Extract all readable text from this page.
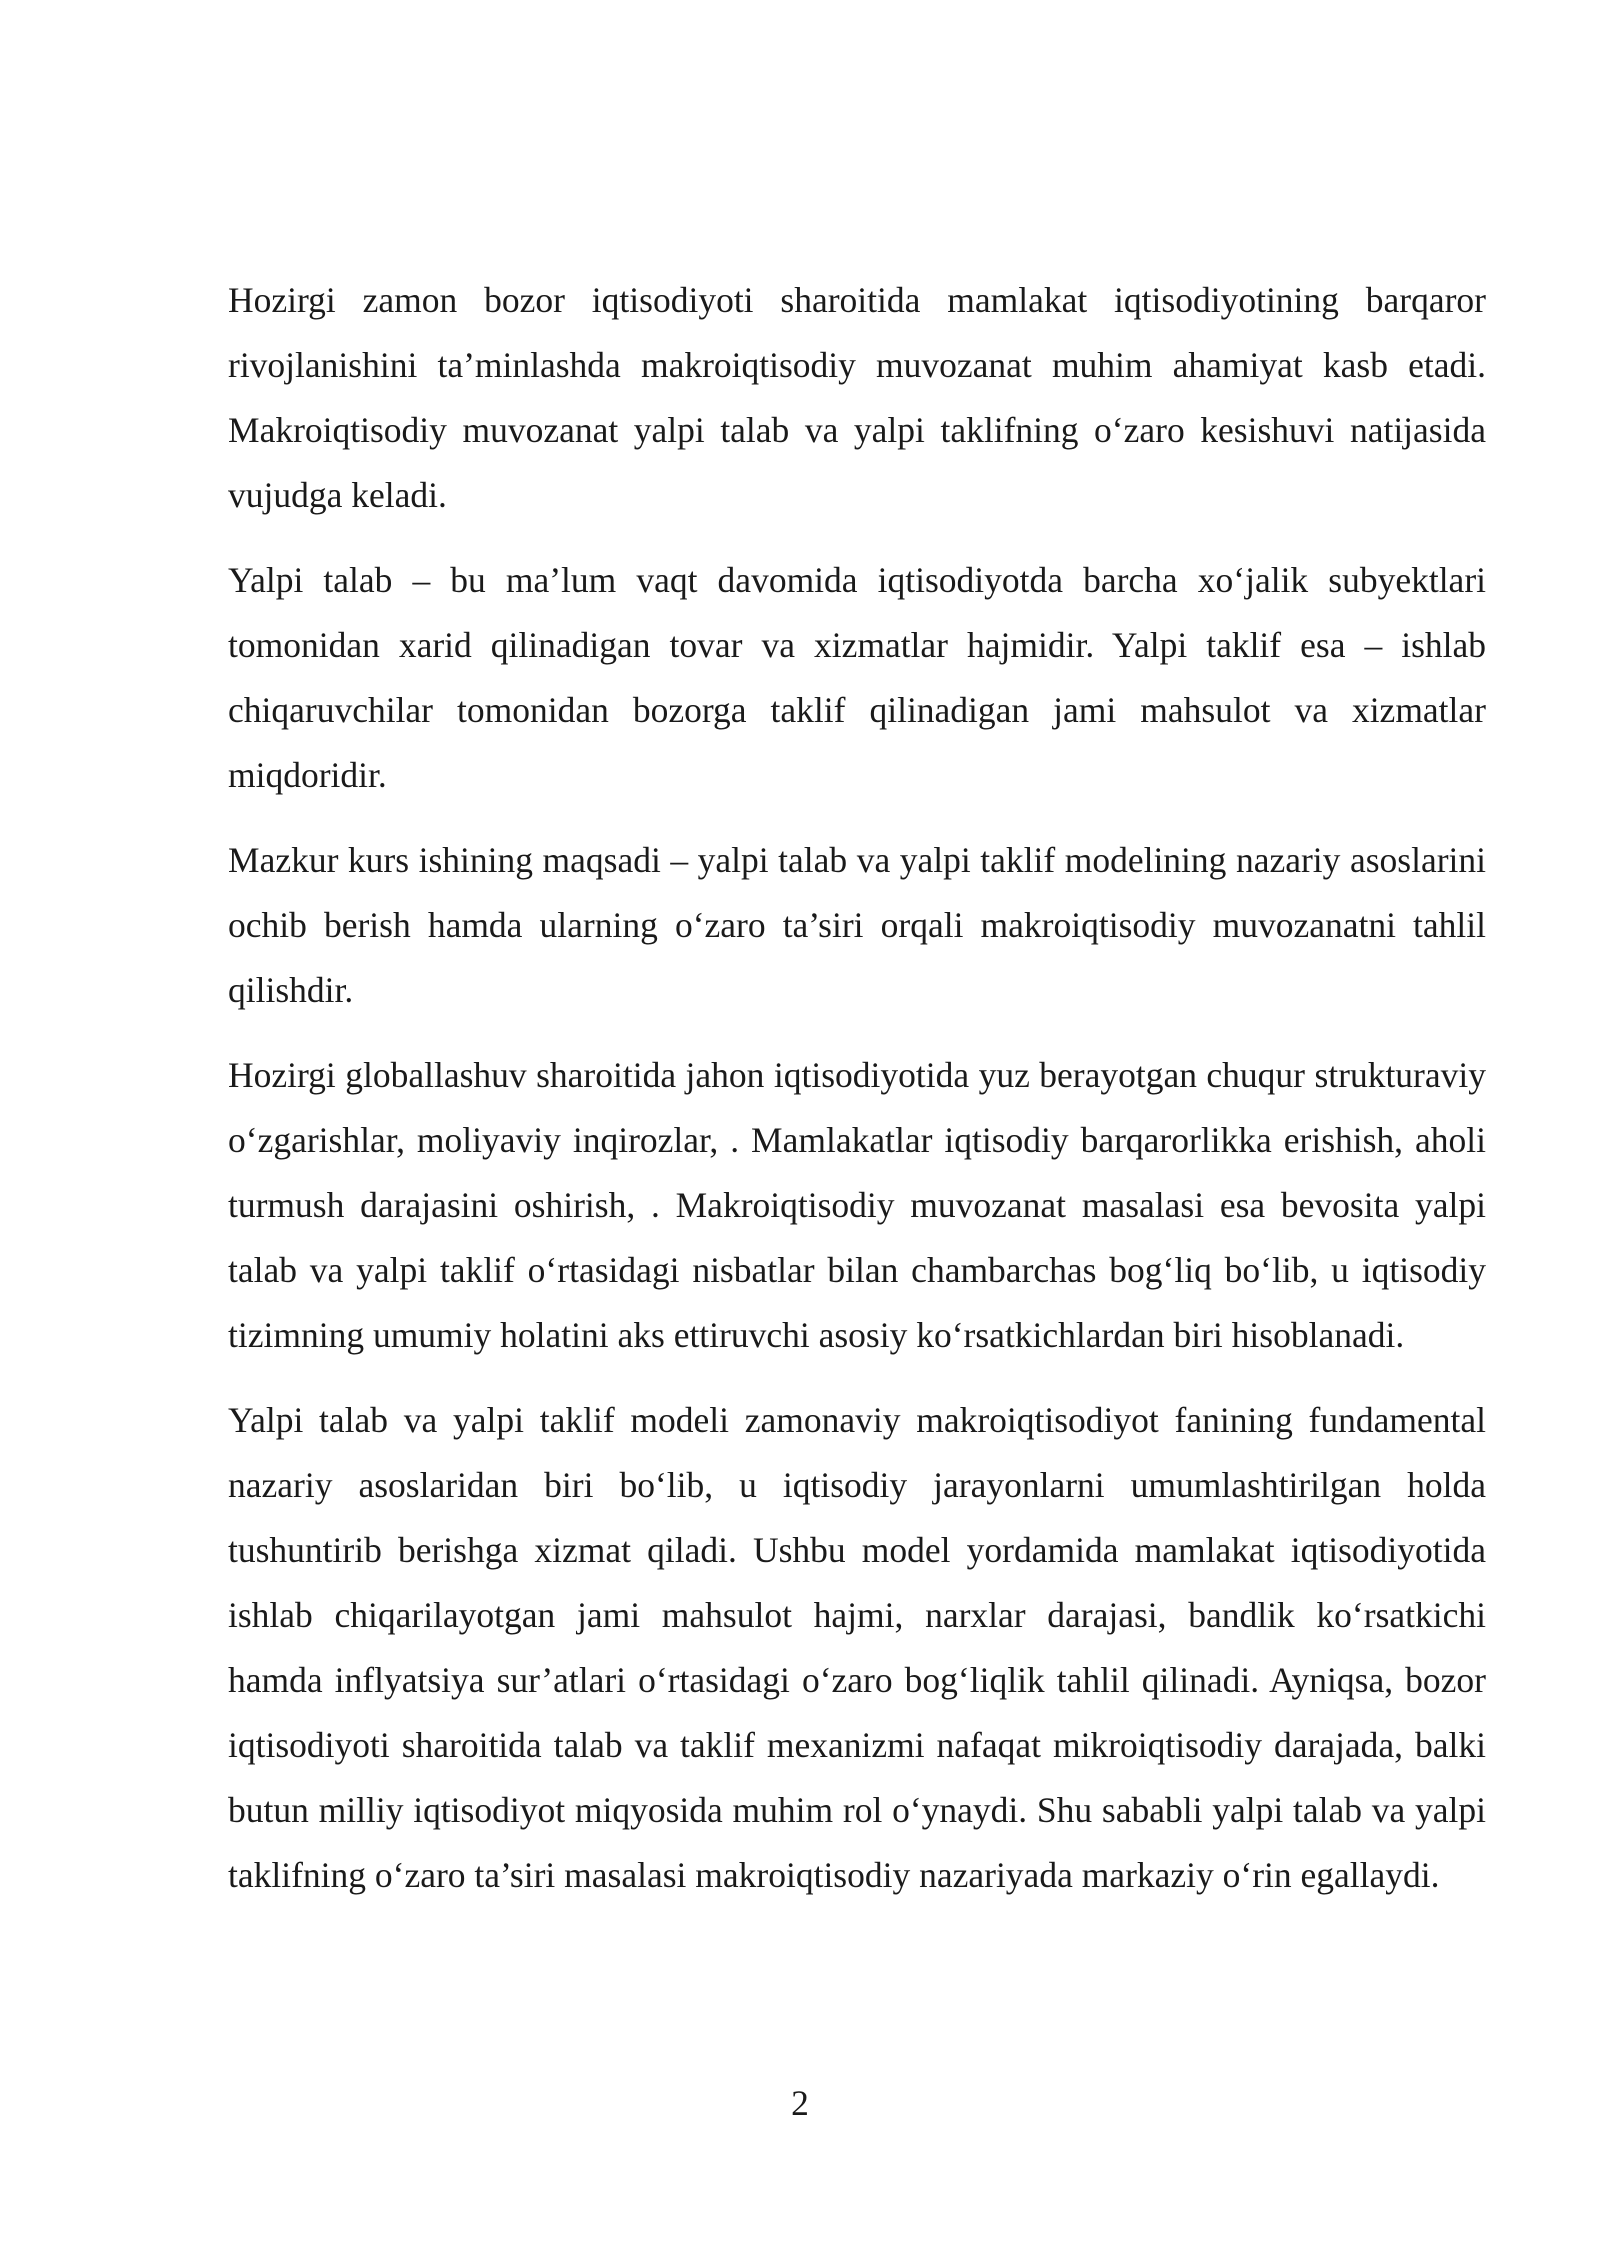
Hozirgi zamon bozor iqtisodiyoti sharoitida mamlakat iqtisodiyotining barqaror rivojlanishini ta’minlashda makroiqtisodiy muvozanat muhim ahamiyat kasb etadi. Makroiqtisodiy muvozanat yalpi talab va yalpi taklifning o‘zaro kesishuvi natijasida vujudga keladi.

Yalpi talab – bu ma’lum vaqt davomida iqtisodiyotda barcha xo‘jalik subyektlari tomonidan xarid qilinadigan tovar va xizmatlar hajmidir. Yalpi taklif esa – ishlab chiqaruvchilar tomonidan bozorga taklif qilinadigan jami mahsulot va xizmatlar miqdoridir.

Mazkur kurs ishining maqsadi – yalpi talab va yalpi taklif modelining nazariy asoslarini ochib berish hamda ularning o‘zaro ta’siri orqali makroiqtisodiy muvozanatni tahlil qilishdir.

Hozirgi globallashuv sharoitida jahon iqtisodiyotida yuz berayotgan chuqur strukturaviy o‘zgarishlar, moliyaviy inqirozlar, . Mamlakatlar iqtisodiy barqarorlikka erishish, aholi turmush darajasini oshirish, . Makroiqtisodiy muvozanat masalasi esa bevosita yalpi talab va yalpi taklif o‘rtasidagi nisbatlar bilan chambarchas bog‘liq bo‘lib, u iqtisodiy tizimning umumiy holatini aks ettiruvchi asosiy ko‘rsatkichlardan biri hisoblanadi.

Yalpi talab va yalpi taklif modeli zamonaviy makroiqtisodiyot fanining fundamental nazariy asoslaridan biri bo‘lib, u iqtisodiy jarayonlarni umumlashtirilgan holda tushuntirib berishga xizmat qiladi. Ushbu model yordamida mamlakat iqtisodiyotida ishlab chiqarilayotgan jami mahsulot hajmi, narxlar darajasi, bandlik ko‘rsatkichi hamda inflyatsiya sur’atlari o‘rtasidagi o‘zaro bog‘liqlik tahlil qilinadi. Ayniqsa, bozor iqtisodiyoti sharoitida talab va taklif mexanizmi nafaqat mikroiqtisodiy darajada, balki butun milliy iqtisodiyot miqyosida muhim rol o‘ynaydi. Shu sababli yalpi talab va yalpi taklifning o‘zaro ta’siri masalasi makroiqtisodiy nazariyada markaziy o‘rin egallaydi.

2
